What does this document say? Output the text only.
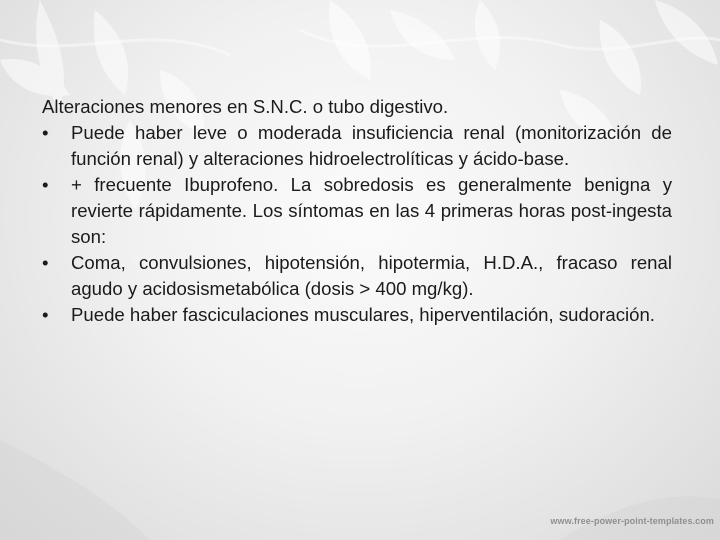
Alteraciones menores en S.N.C. o tubo digestivo.

• Puede haber leve o moderada insuficiencia renal (monitorización de función renal) y alteraciones hidroelectrolíticas y ácido-base.
• + frecuente Ibuprofeno. La sobredosis es generalmente benigna y revierte rápidamente. Los síntomas en las 4 primeras horas post-ingesta son:
• Coma, convulsiones, hipotensión, hipotermia, H.D.A., fracaso renal agudo y acidosismetabólica (dosis > 400 mg/kg).
• Puede haber fasciculaciones musculares, hiperventilación, sudoración.
www.free-power-point-templates.com
